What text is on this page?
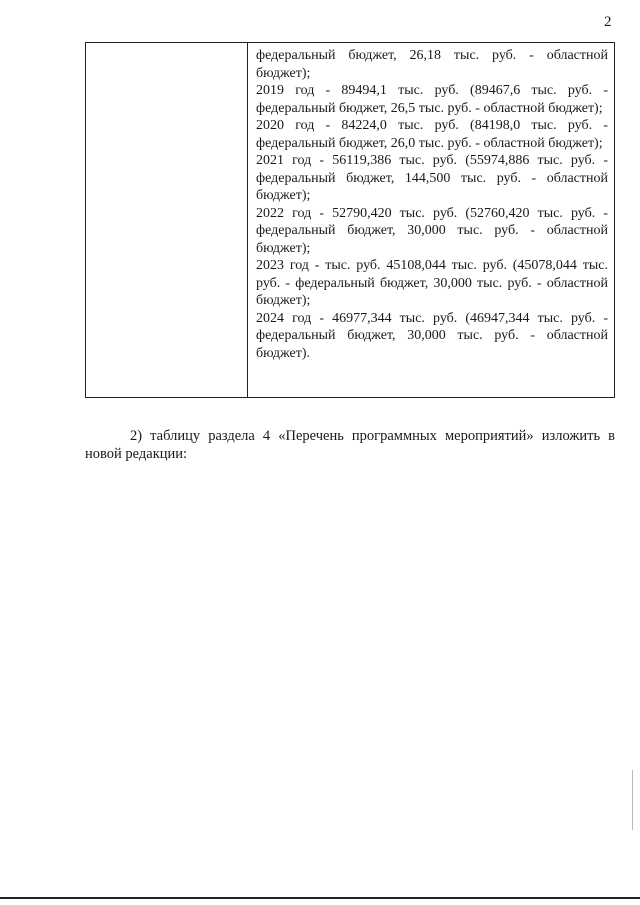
2

федеральный бюджет, 26,18 тыс. руб. - областной бюджет);

2019 год - 89494,1 тыс. руб. (89467,6 тыс. руб. - федеральный бюджет, 26,5 тыс. руб. - областной бюджет);

2020 год - 84224,0 тыс. руб. (84198,0 тыс. руб. - федеральный бюджет, 26,0 тыс. руб. - областной бюджет);

2021 год - 56119,386 тыс. руб. (55974,886 тыс. руб. - федеральный бюджет, 144,500 тыс. руб. - областной бюджет);

2022 год - 52790,420 тыс. руб. (52760,420 тыс. руб. - федеральный бюджет, 30,000 тыс. руб. - областной бюджет);

2023 год - тыс. руб. 45108,044 тыс. руб. (45078,044 тыс. руб. - федеральный бюджет, 30,000 тыс. руб. - областной бюджет);

2024 год - 46977,344 тыс. руб. (46947,344 тыс. руб. - федеральный бюджет, 30,000 тыс. руб. - областной бюджет).

2) таблицу раздела 4 «Перечень программных мероприятий» изложить в новой редакции:
